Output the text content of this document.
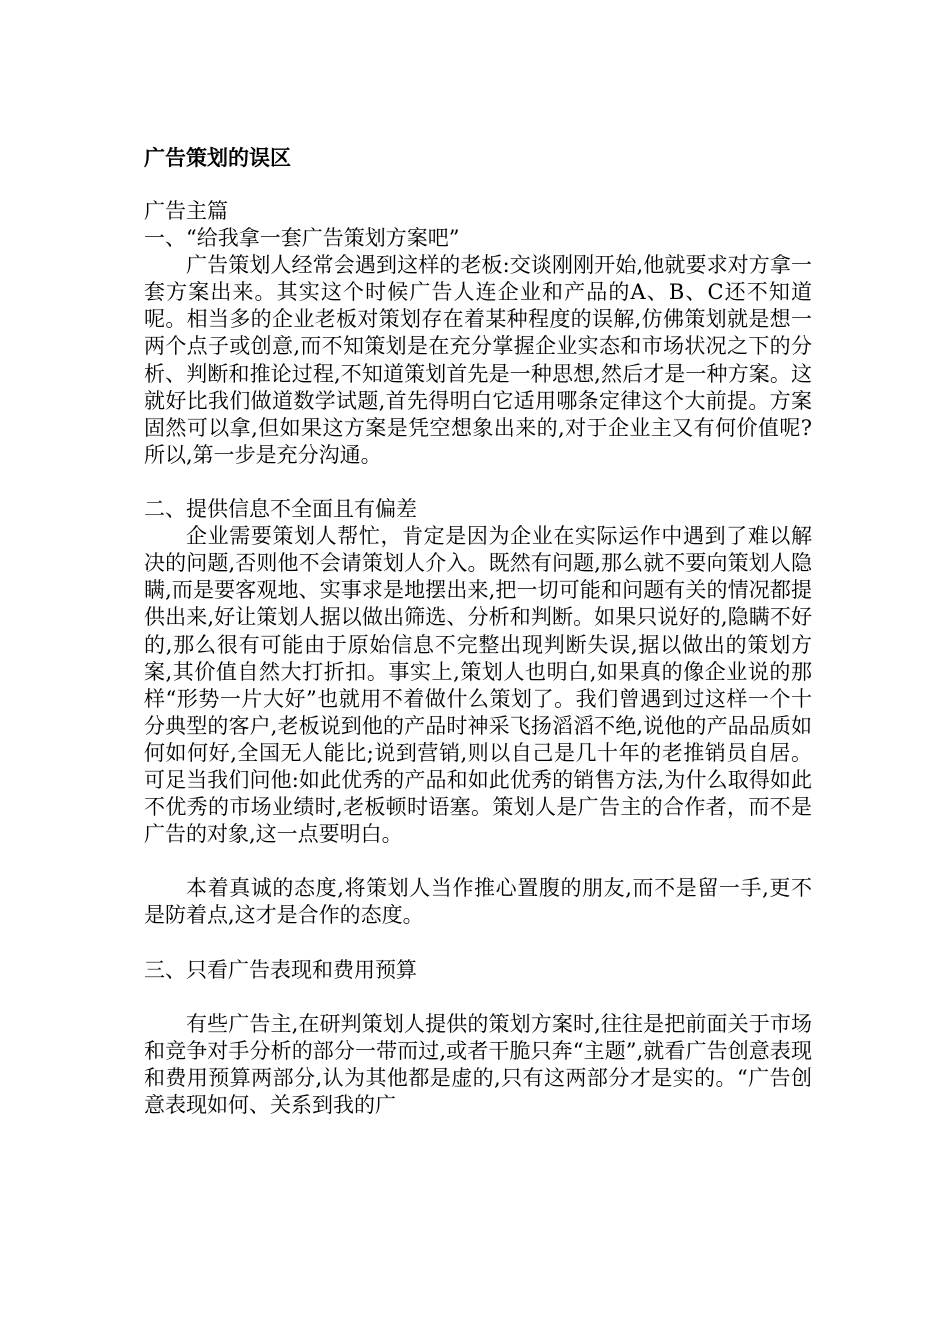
广告策划的误区

广告主篇

一、“给我拿一套广告策划方案吧”

广告策划人经常会遇到这样的老板:交谈刚刚开始,他就要求对方拿一套方案出来。其实这个时候广告人连企业和产品的A、B、C还不知道呢。相当多的企业老板对策划存在着某种程度的误解,仿佛策划就是想一两个点子或创意,而不知策划是在充分掌握企业实态和市场状况之下的分析、判断和推论过程,不知道策划首先是一种思想,然后才是一种方案。这就好比我们做道数学试题,首先得明白它适用哪条定律这个大前提。方案固然可以拿,但如果这方案是凭空想象出来的,对于企业主又有何价值呢?所以,第一步是充分沟通。

二、提供信息不全面且有偏差

企业需要策划人帮忙，肯定是因为企业在实际运作中遇到了难以解决的问题,否则他不会请策划人介入。既然有问题,那么就不要向策划人隐瞒,而是要客观地、实事求是地摆出来,把一切可能和问题有关的情况都提供出来,好让策划人据以做出筛选、分析和判断。如果只说好的,隐瞒不好的,那么很有可能由于原始信息不完整出现判断失误,据以做出的策划方案,其价值自然大打折扣。事实上,策划人也明白,如果真的像企业说的那样“形势一片大好”也就用不着做什么策划了。我们曾遇到过这样一个十分典型的客户,老板说到他的产品时神采飞扬滔滔不绝,说他的产品品质如何如何好,全国无人能比;说到营销,则以自己是几十年的老推销员自居。可足当我们问他:如此优秀的产品和如此优秀的销售方法,为什么取得如此不优秀的市场业绩时,老板顿时语塞。策划人是广告主的合作者，而不是广告的对象,这一点要明白。

本着真诚的态度,将策划人当作推心置腹的朋友,而不是留一手,更不是防着点,这才是合作的态度。

三、只看广告表现和费用预算

有些广告主,在研判策划人提供的策划方案时,往往是把前面关于市场和竞争对手分析的部分一带而过,或者干脆只奔“主题”,就看广告创意表现和费用预算两部分,认为其他都是虚的,只有这两部分才是实的。“广告创意表现如何、关系到我的广
